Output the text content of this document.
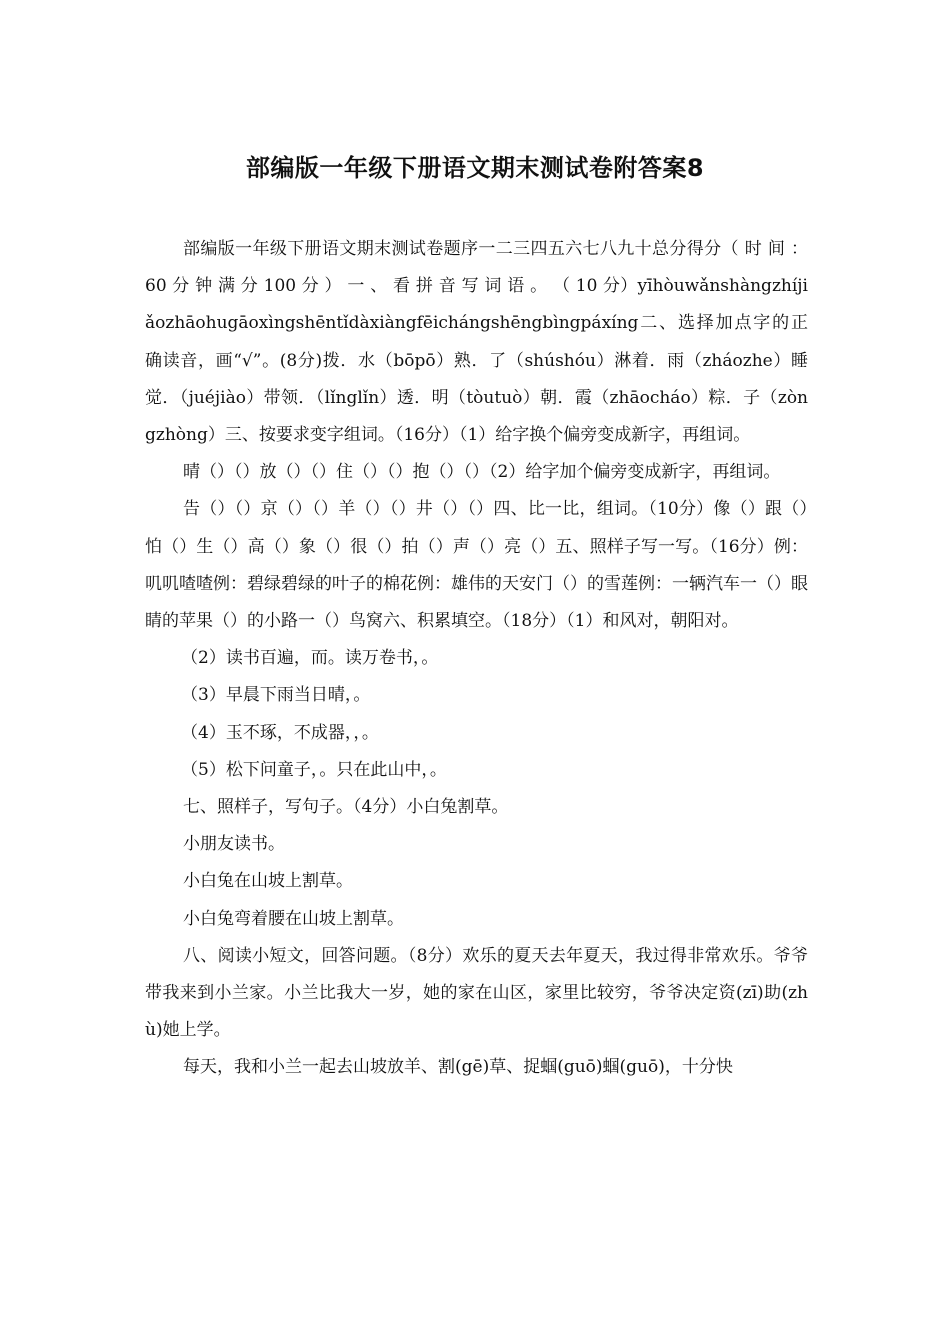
部编版一年级下册语文期末测试卷附答案8

部编版一年级下册语文期末测试卷题序一二三四五六七八九十总分得分（ 时 间 ： 60 分 钟 满 分 100 分 ） 一 、 看 拼 音 写 词 语 。 （ 10 分）yīhòuwǎnshàngzhíjiǎozhāohugāoxìngshēntǐdàxiàngfēichángshēngbìngpáxíng二、选择加点字的正确读音，画“√”。(8分)拨．水（bōpō）熟．了（shúshóu）淋着．雨（zháozhe）睡觉．（juéjiào）带领．（lǐnglǐn）透．明（tòutuò）朝．霞（zhāocháo）粽．子（zòngzhòng）三、按要求变字组词。（16分）（1）给字换个偏旁变成新字，再组词。

晴（）（）放（）（）住（）（）抱（）（）（2）给字加个偏旁变成新字，再组词。

告（）（）京（）（）羊（）（）井（）（）四、比一比，组词。（10分）像（）跟（）怕（）生（）高（）象（）很（）拍（）声（）亮（）五、照样子写一写。（16分）例：叽叽喳喳例：碧绿碧绿的叶子的棉花例：雄伟的天安门（）的雪莲例：一辆汽车一（）眼睛的苹果（）的小路一（）鸟窝六、积累填空。（18分）（1）和风对，朝阳对。

（2）读书百遍，而。读万卷书，。

（3）早晨下雨当日晴，。

（4）玉不琢，不成器，，。

（5）松下问童子，。只在此山中，。

七、照样子，写句子。（4分）小白兔割草。

小朋友读书。

小白兔在山坡上割草。

小白兔弯着腰在山坡上割草。

八、阅读小短文，回答问题。（8分）欢乐的夏天去年夏天，我过得非常欢乐。爷爷带我来到小兰家。小兰比我大一岁，她的家在山区，家里比较穷，爷爷决定资(zī)助(zhù)她上学。

每天，我和小兰一起去山坡放羊、割(gē)草、捉蝈(guō)蝈(guō)，十分快
